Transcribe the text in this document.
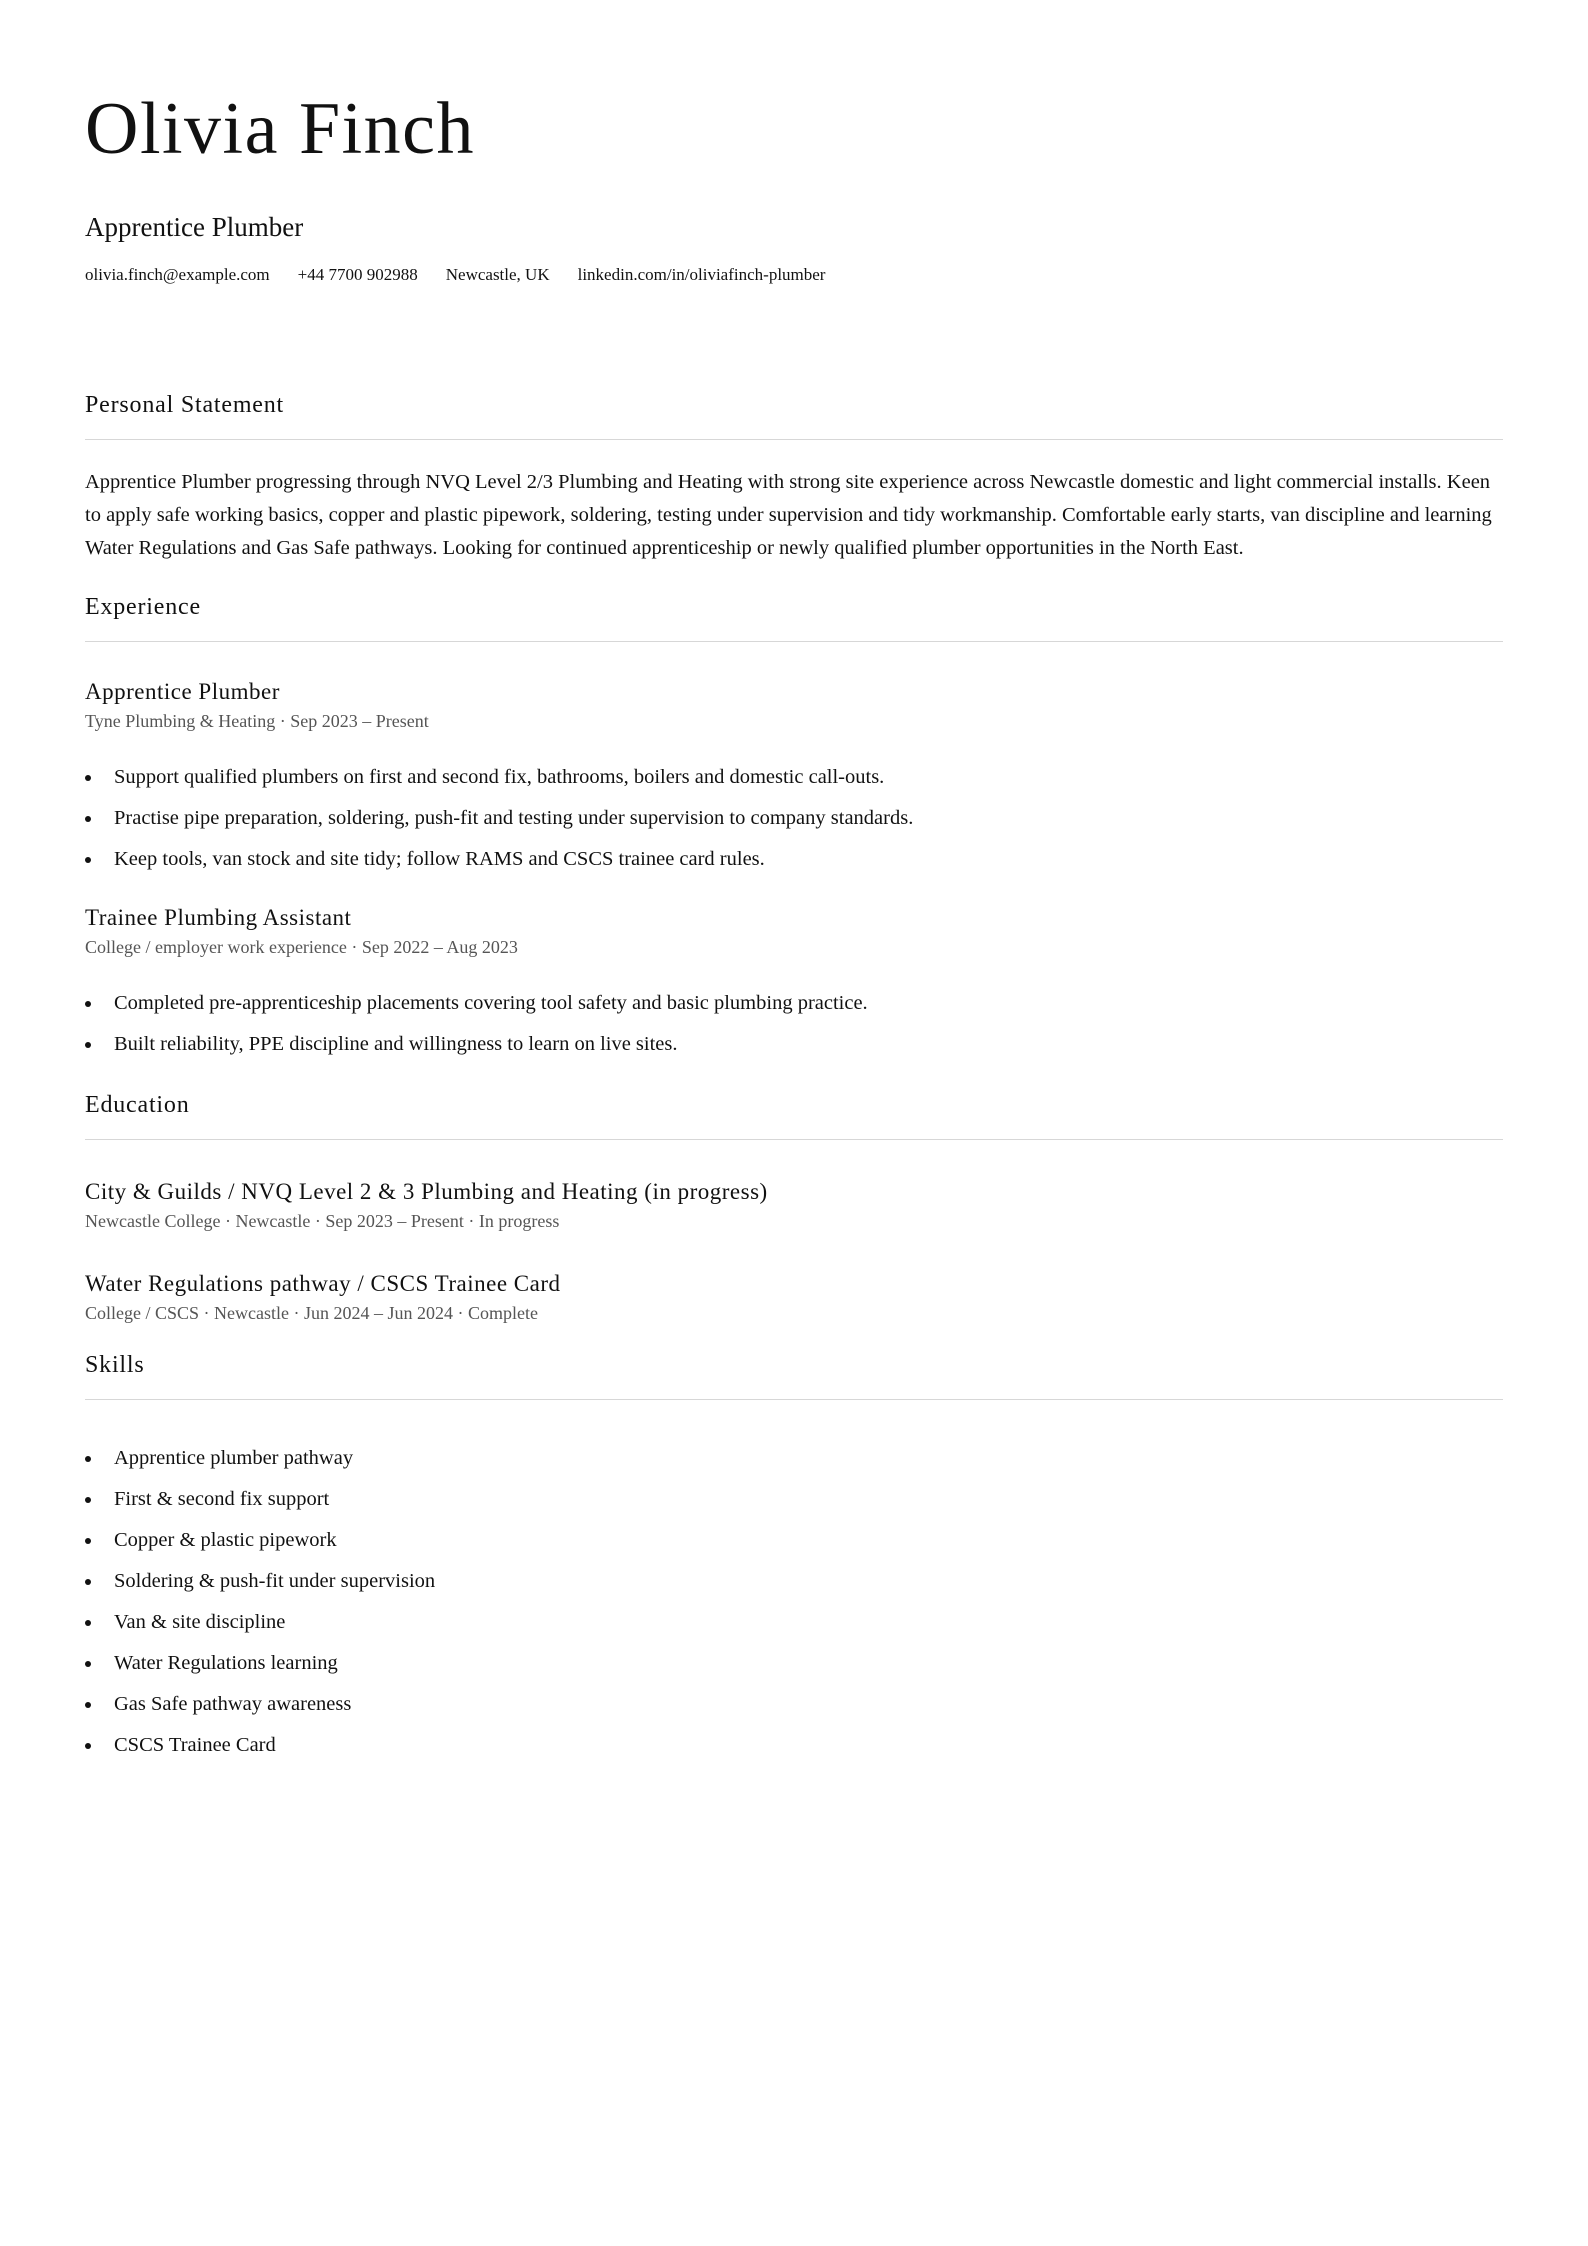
Olivia Finch
Apprentice Plumber
olivia.finch@example.com +44 7700 902988 Newcastle, UK linkedin.com/in/oliviafinch-plumber
Personal Statement
Apprentice Plumber progressing through NVQ Level 2/3 Plumbing and Heating with strong site experience across Newcastle domestic and light commercial installs. Keen to apply safe working basics, copper and plastic pipework, soldering, testing under supervision and tidy workmanship. Comfortable early starts, van discipline and learning Water Regulations and Gas Safe pathways. Looking for continued apprenticeship or newly qualified plumber opportunities in the North East.
Experience
Apprentice Plumber
Tyne Plumbing & Heating · Sep 2023 – Present
Support qualified plumbers on first and second fix, bathrooms, boilers and domestic call-outs.
Practise pipe preparation, soldering, push-fit and testing under supervision to company standards.
Keep tools, van stock and site tidy; follow RAMS and CSCS trainee card rules.
Trainee Plumbing Assistant
College / employer work experience · Sep 2022 – Aug 2023
Completed pre-apprenticeship placements covering tool safety and basic plumbing practice.
Built reliability, PPE discipline and willingness to learn on live sites.
Education
City & Guilds / NVQ Level 2 & 3 Plumbing and Heating (in progress)
Newcastle College · Newcastle · Sep 2023 – Present · In progress
Water Regulations pathway / CSCS Trainee Card
College / CSCS · Newcastle · Jun 2024 – Jun 2024 · Complete
Skills
Apprentice plumber pathway
First & second fix support
Copper & plastic pipework
Soldering & push-fit under supervision
Van & site discipline
Water Regulations learning
Gas Safe pathway awareness
CSCS Trainee Card
